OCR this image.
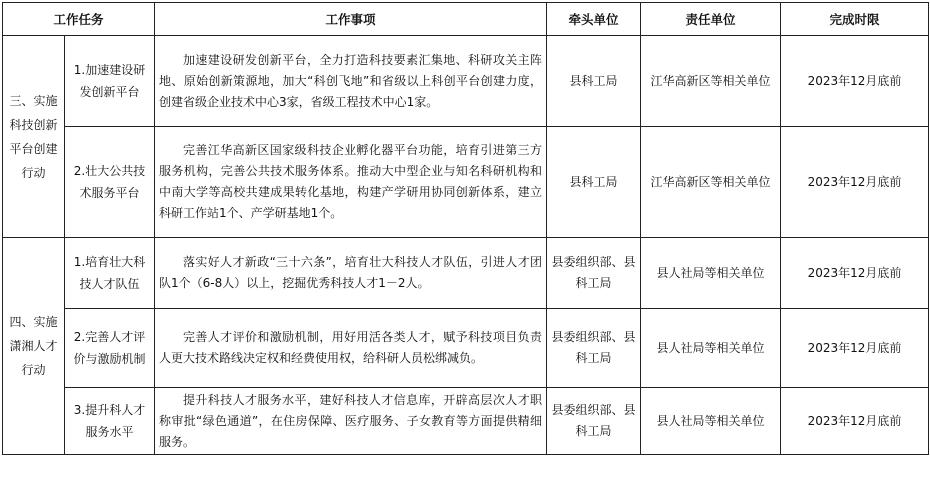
工作任务		工作事项	牵头单位	责任单位	完成时限
三、实施科技创新平台创建行动	1.加速建设研发创新平台	加速建设研发创新平台，全力打造科技要素汇集地、科研攻关主阵地、原始创新策源地，加大“科创飞地”和省级以上科创平台创建力度，创建省级企业技术中心3家，省级工程技术中心1家。	县科工局	江华高新区等相关单位	2023年12月底前
	2.壮大公共技术服务平台	完善江华高新区国家级科技企业孵化器平台功能，培育引进第三方服务机构，完善公共技术服务体系。推动大中型企业与知名科研机构和中南大学等高校共建成果转化基地，构建产学研用协同创新体系，建立科研工作站1个、产学研基地1个。	县科工局	江华高新区等相关单位	2023年12月底前
四、实施潇湘人才行动	1.培育壮大科技人才队伍	落实好人才新政“三十六条”，培育壮大科技人才队伍，引进人才团队1个（6-8人）以上，挖掘优秀科技人才1－2人。	县委组织部、县科工局	县人社局等相关单位	2023年12月底前
	2.完善人才评价与激励机制	完善人才评价和激励机制，用好用活各类人才，赋予科技项目负责人更大技术路线决定权和经费使用权，给科研人员松绑减负。	县委组织部、县科工局	县人社局等相关单位	2023年12月底前
	3.提升科人才服务水平	提升科技人才服务水平，建好科技人才信息库，开辟高层次人才职称审批“绿色通道”，在住房保障、医疗服务、子女教育等方面提供精细服务。	县委组织部、县科工局	县人社局等相关单位	2023年12月底前
